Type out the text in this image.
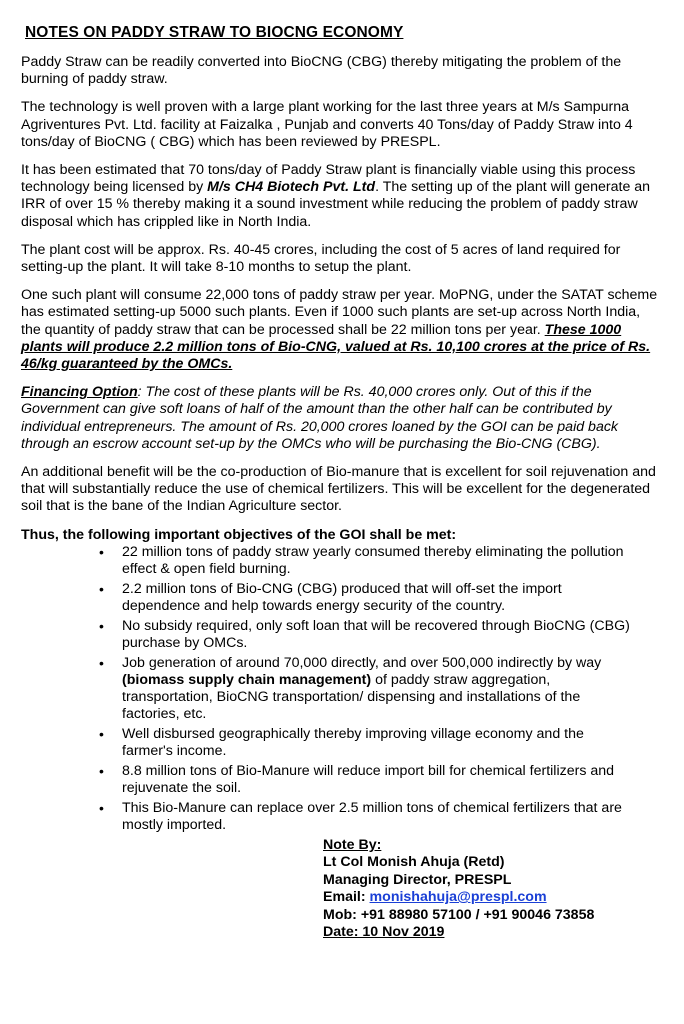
NOTES ON PADDY STRAW TO BIOCNG ECONOMY

Paddy Straw can be readily converted into BioCNG (CBG) thereby mitigating the problem of the burning of paddy straw.

The technology is well proven with a large plant working for the last three years at M/s Sampurna Agriventures Pvt. Ltd. facility at Faizalka , Punjab and converts 40 Tons/day of Paddy Straw into 4 tons/day of BioCNG ( CBG) which has been reviewed by PRESPL.

It has been estimated that 70 tons/day of Paddy Straw plant is financially viable using this process technology being licensed by M/s CH4 Biotech Pvt. Ltd. The setting up of the plant will generate an IRR of over 15 % thereby making it a sound investment while reducing the problem of paddy straw disposal which has crippled like in North India.

The plant cost will be approx. Rs. 40-45 crores, including the cost of 5 acres of land required for setting-up the plant. It will take 8-10 months to setup the plant.

One such plant will consume 22,000 tons of paddy straw per year. MoPNG, under the SATAT scheme has estimated setting-up 5000 such plants. Even if 1000 such plants are set-up across North India, the quantity of paddy straw that can be processed shall be 22 million tons per year. These 1000 plants will produce 2.2 million tons of Bio-CNG, valued at Rs. 10,100 crores at the price of Rs. 46/kg guaranteed by the OMCs.

Financing Option: The cost of these plants will be Rs. 40,000 crores only. Out of this if the Government can give soft loans of half of the amount than the other half can be contributed by individual entrepreneurs. The amount of Rs. 20,000 crores loaned by the GOI can be paid back through an escrow account set-up by the OMCs who will be purchasing the Bio-CNG (CBG).

An additional benefit will be the co-production of Bio-manure that is excellent for soil rejuvenation and that will substantially reduce the use of chemical fertilizers. This will be excellent for the degenerated soil that is the bane of the Indian Agriculture sector.

Thus, the following important objectives of the GOI shall be met:
• 22 million tons of paddy straw yearly consumed thereby eliminating the pollution effect & open field burning.
• 2.2 million tons of Bio-CNG (CBG) produced that will off-set the import dependence and help towards energy security of the country.
• No subsidy required, only soft loan that will be recovered through BioCNG (CBG) purchase by OMCs.
• Job generation of around 70,000 directly, and over 500,000 indirectly by way (biomass supply chain management) of paddy straw aggregation, transportation, BioCNG transportation/ dispensing and installations of the factories, etc.
• Well disbursed geographically thereby improving village economy and the farmer's income.
• 8.8 million tons of Bio-Manure will reduce import bill for chemical fertilizers and rejuvenate the soil.
• This Bio-Manure can replace over 2.5 million tons of chemical fertilizers that are mostly imported.
Note By:
Lt Col Monish Ahuja (Retd)
Managing Director, PRESPL
Email: monishahuja@prespl.com
Mob: +91 88980 57100 / +91 90046 73858
Date: 10 Nov 2019
